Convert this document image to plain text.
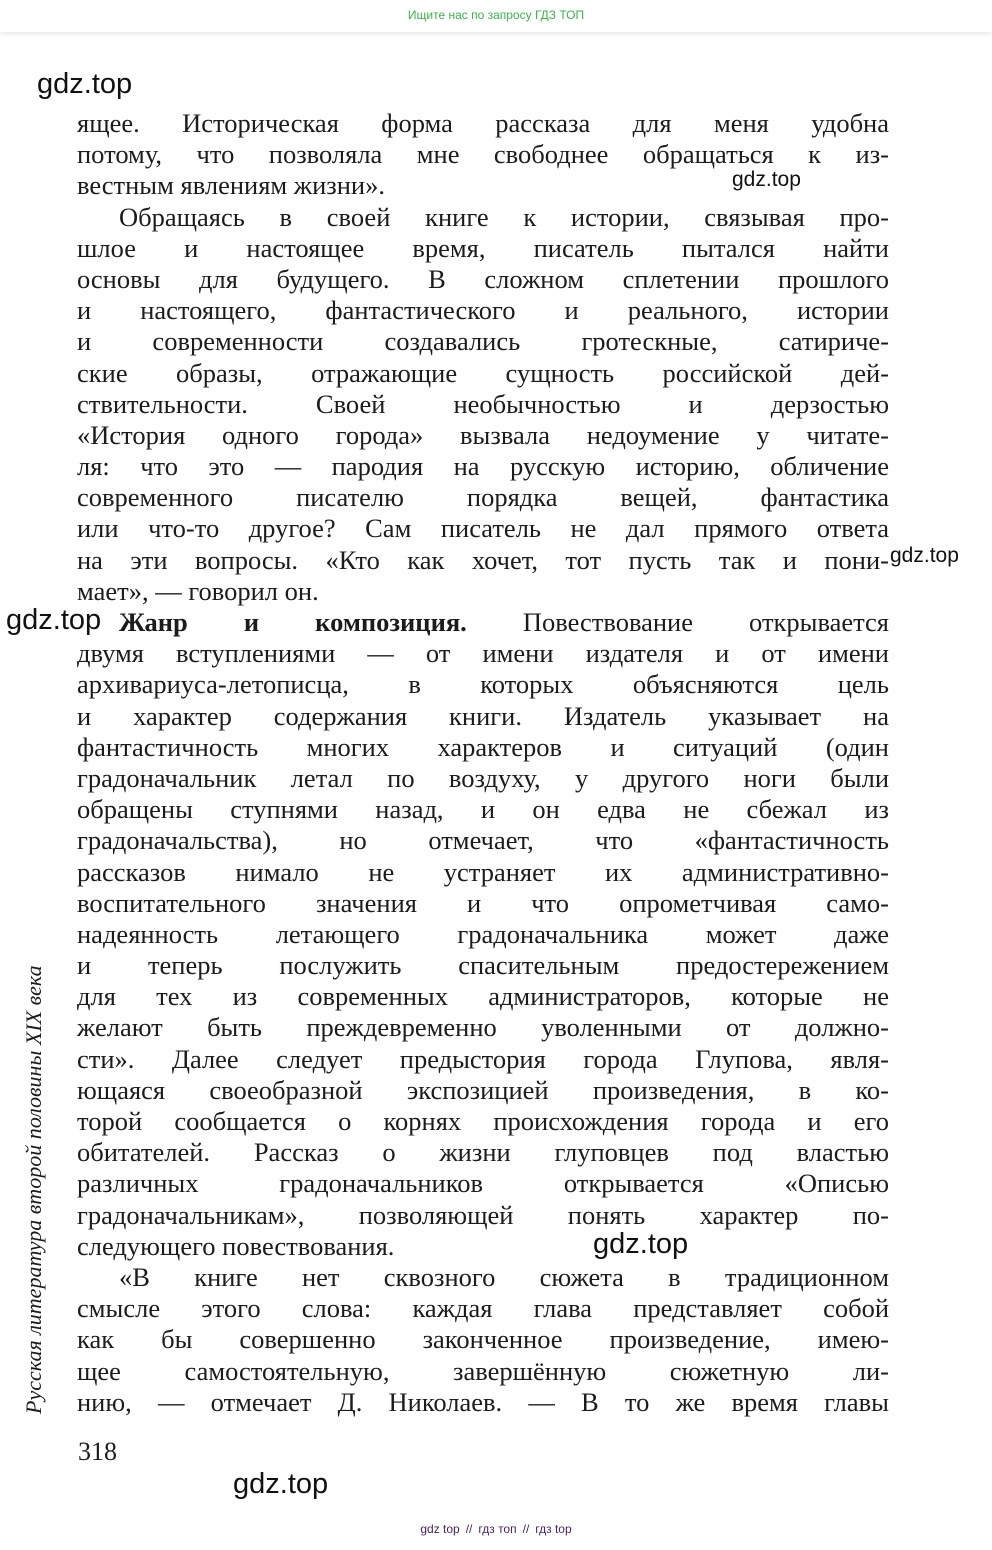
Ищите нас по запросу ГДЗ ТОП
gdz.top
gdz.top
gdz.top
gdz.top
gdz.top
gdz.top
ящее. Историческая форма рассказа для меня удобна
потому, что позволяла мне свободнее обращаться к из-
вестным явлениям жизни».
Обращаясь в своей книге к истории, связывая про-
шлое и настоящее время, писатель пытался найти
основы для будущего. В сложном сплетении прошлого
и настоящего, фантастического и реального, истории
и современности создавались гротескные, сатириче-
ские образы, отражающие сущность российской дей-
ствительности. Своей необычностью и дерзостью
«История одного города» вызвала недоумение у читате-
ля: что это — пародия на русскую историю, обличение
современного писателю порядка вещей, фантастика
или что-то другое? Сам писатель не дал прямого ответа
на эти вопросы. «Кто как хочет, тот пусть так и пони-
мает», — говорил он.
Жанр и композиция. Повествование открывается
двумя вступлениями — от имени издателя и от имени
архивариуса-летописца, в которых объясняются цель
и характер содержания книги. Издатель указывает на
фантастичность многих характеров и ситуаций (один
градоначальник летал по воздуху, у другого ноги были
обращены ступнями назад, и он едва не сбежал из
градоначальства), но отмечает, что «фантастичность
рассказов нимало не устраняет их административно-
воспитательного значения и что опрометчивая само-
надеянность летающего градоначальника может даже
и теперь послужить спасительным предостережением
для тех из современных администраторов, которые не
желают быть преждевременно уволенными от должно-
сти». Далее следует предыстория города Глупова, явля-
ющаяся своеобразной экспозицией произведения, в ко-
торой сообщается о корнях происхождения города и его
обитателей. Рассказ о жизни глуповцев под властью
различных градоначальников открывается «Описью
градоначальникам», позволяющей понять характер по-
следующего повествования.
«В книге нет сквозного сюжета в традиционном
смысле этого слова: каждая глава представляет собой
как бы совершенно законченное произведение, имею-
щее самостоятельную, завершённую сюжетную ли-
нию, — отмечает Д. Николаев. — В то же время главы
Русская литература второй половины XIX века
318
gdz top // гдз топ // гдз top
